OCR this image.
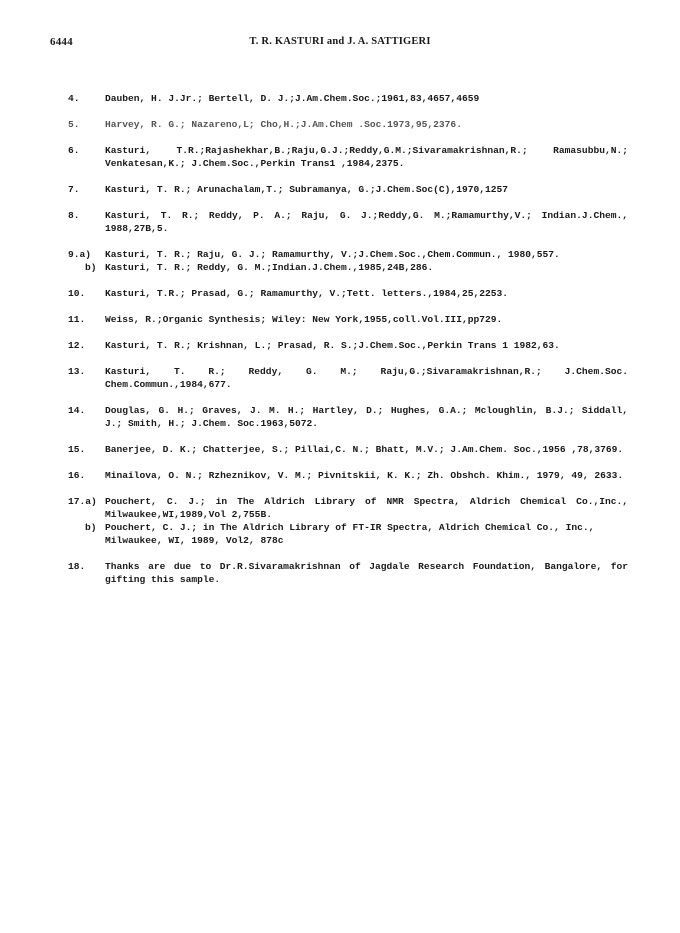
6444	T. R. KASTURI and J. A. SATTIGERI
4.	Dauben, H. J.Jr.; Bertell, D. J.;J.Am.Chem.Soc.;1961,83,4657,4659
5.	Harvey, R. G.; Nazareno,L; Cho,H.;J.Am.Chem .Soc.1973,95,2376.
6.	Kasturi, T.R.;Rajashekhar,B.;Raju,G.J.;Reddy,G.M.;Sivaramakrishnan,R.; Ramasubbu,N.; Venkatesan,K.; J.Chem.Soc.,Perkin Trans1 ,1984,2375.
7.	Kasturi, T. R.; Arunachalam,T.; Subramanya, G.;J.Chem.Soc(C),1970,1257
8.	Kasturi, T. R.; Reddy, P. A.; Raju, G. J.;Reddy,G. M.;Ramamurthy,V.; Indian.J.Chem., 1988,27B,5.
9.a)	Kasturi, T. R.; Raju, G. J.; Ramamurthy, V.;J.Chem.Soc.,Chem.Commun., 1980,557.
b) Kasturi, T. R.; Reddy, G. M.;Indian.J.Chem.,1985,24B,286.
10.	Kasturi, T.R.; Prasad, G.; Ramamurthy, V.;Tett. letters.,1984,25,2253.
11.	Weiss, R.;Organic Synthesis; Wiley: New York,1955,coll.Vol.III,pp729.
12.	Kasturi, T. R.; Krishnan, L.; Prasad, R. S.;J.Chem.Soc.,Perkin Trans 1 1982,63.
13.	Kasturi, T. R.; Reddy, G. M.; Raju,G.;Sivaramakrishnan,R.; J.Chem.Soc. Chem.Commun.,1984,677.
14.	Douglas, G. H.; Graves, J. M. H.; Hartley, D.; Hughes, G.A.; Mcloughlin, B.J.; Siddall, J.; Smith, H.; J.Chem. Soc.1963,5072.
15.	Banerjee, D. K.; Chatterjee, S.; Pillai,C. N.; Bhatt, M.V.; J.Am.Chem. Soc.,1956 ,78,3769.
16.	Minailova, O. N.; Rzheznikov, V. M.; Pivnitskii, K. K.; Zh. Obshch. Khim., 1979, 49, 2633.
17.a) Pouchert, C. J.; in The Aldrich Library of NMR Spectra, Aldrich Chemical Co.,Inc., Milwaukee,WI,1989,Vol 2,755B.
b) Pouchert, C. J.; in The Aldrich Library of FT-IR Spectra, Aldrich Chemical Co., Inc., Milwaukee, WI, 1989, Vol2, 878c
18.	Thanks are due to Dr.R.Sivaramakrishnan of Jagdale Research Foundation, Bangalore, for gifting this sample.
